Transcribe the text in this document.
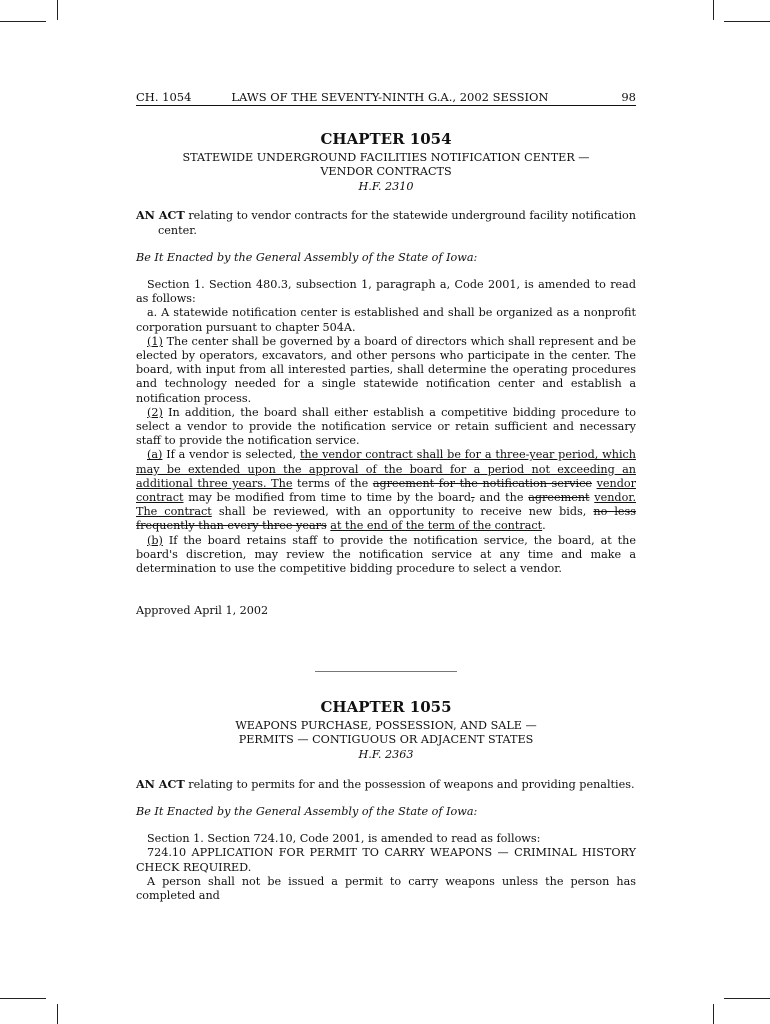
CH. 1054	LAWS OF THE SEVENTY-NINTH G.A., 2002 SESSION	98
CHAPTER 1054
STATEWIDE UNDERGROUND FACILITIES NOTIFICATION CENTER —
VENDOR CONTRACTS
H.F. 2310

AN ACT relating to vendor contracts for the statewide underground facility notification center.

Be It Enacted by the General Assembly of the State of Iowa:

Section 1. Section 480.3, subsection 1, paragraph a, Code 2001, is amended to read as follows:

a. A statewide notification center is established and shall be organized as a nonprofit corporation pursuant to chapter 504A.

(1) The center shall be governed by a board of directors which shall represent and be elected by operators, excavators, and other persons who participate in the center. The board, with input from all interested parties, shall determine the operating procedures and technology needed for a single statewide notification center and establish a notification process.

(2) In addition, the board shall either establish a competitive bidding procedure to select a vendor to provide the notification service or retain sufficient and necessary staff to provide the notification service.

(a) If a vendor is selected, the vendor contract shall be for a three-year period, which may be extended upon the approval of the board for a period not exceeding an additional three years. The terms of the agreement for the notification service vendor contract may be modified from time to time by the board, and the agreement vendor. The contract shall be reviewed, with an opportunity to receive new bids, no less frequently than every three years at the end of the term of the contract.

(b) If the board retains staff to provide the notification service, the board, at the board's discretion, may review the notification service at any time and make a determination to use the competitive bidding procedure to select a vendor.

Approved April 1, 2002

CHAPTER 1055
WEAPONS PURCHASE, POSSESSION, AND SALE —
PERMITS — CONTIGUOUS OR ADJACENT STATES
H.F. 2363

AN ACT relating to permits for and the possession of weapons and providing penalties.

Be It Enacted by the General Assembly of the State of Iowa:

Section 1. Section 724.10, Code 2001, is amended to read as follows:

724.10 APPLICATION FOR PERMIT TO CARRY WEAPONS — CRIMINAL HISTORY CHECK REQUIRED.

A person shall not be issued a permit to carry weapons unless the person has completed and
